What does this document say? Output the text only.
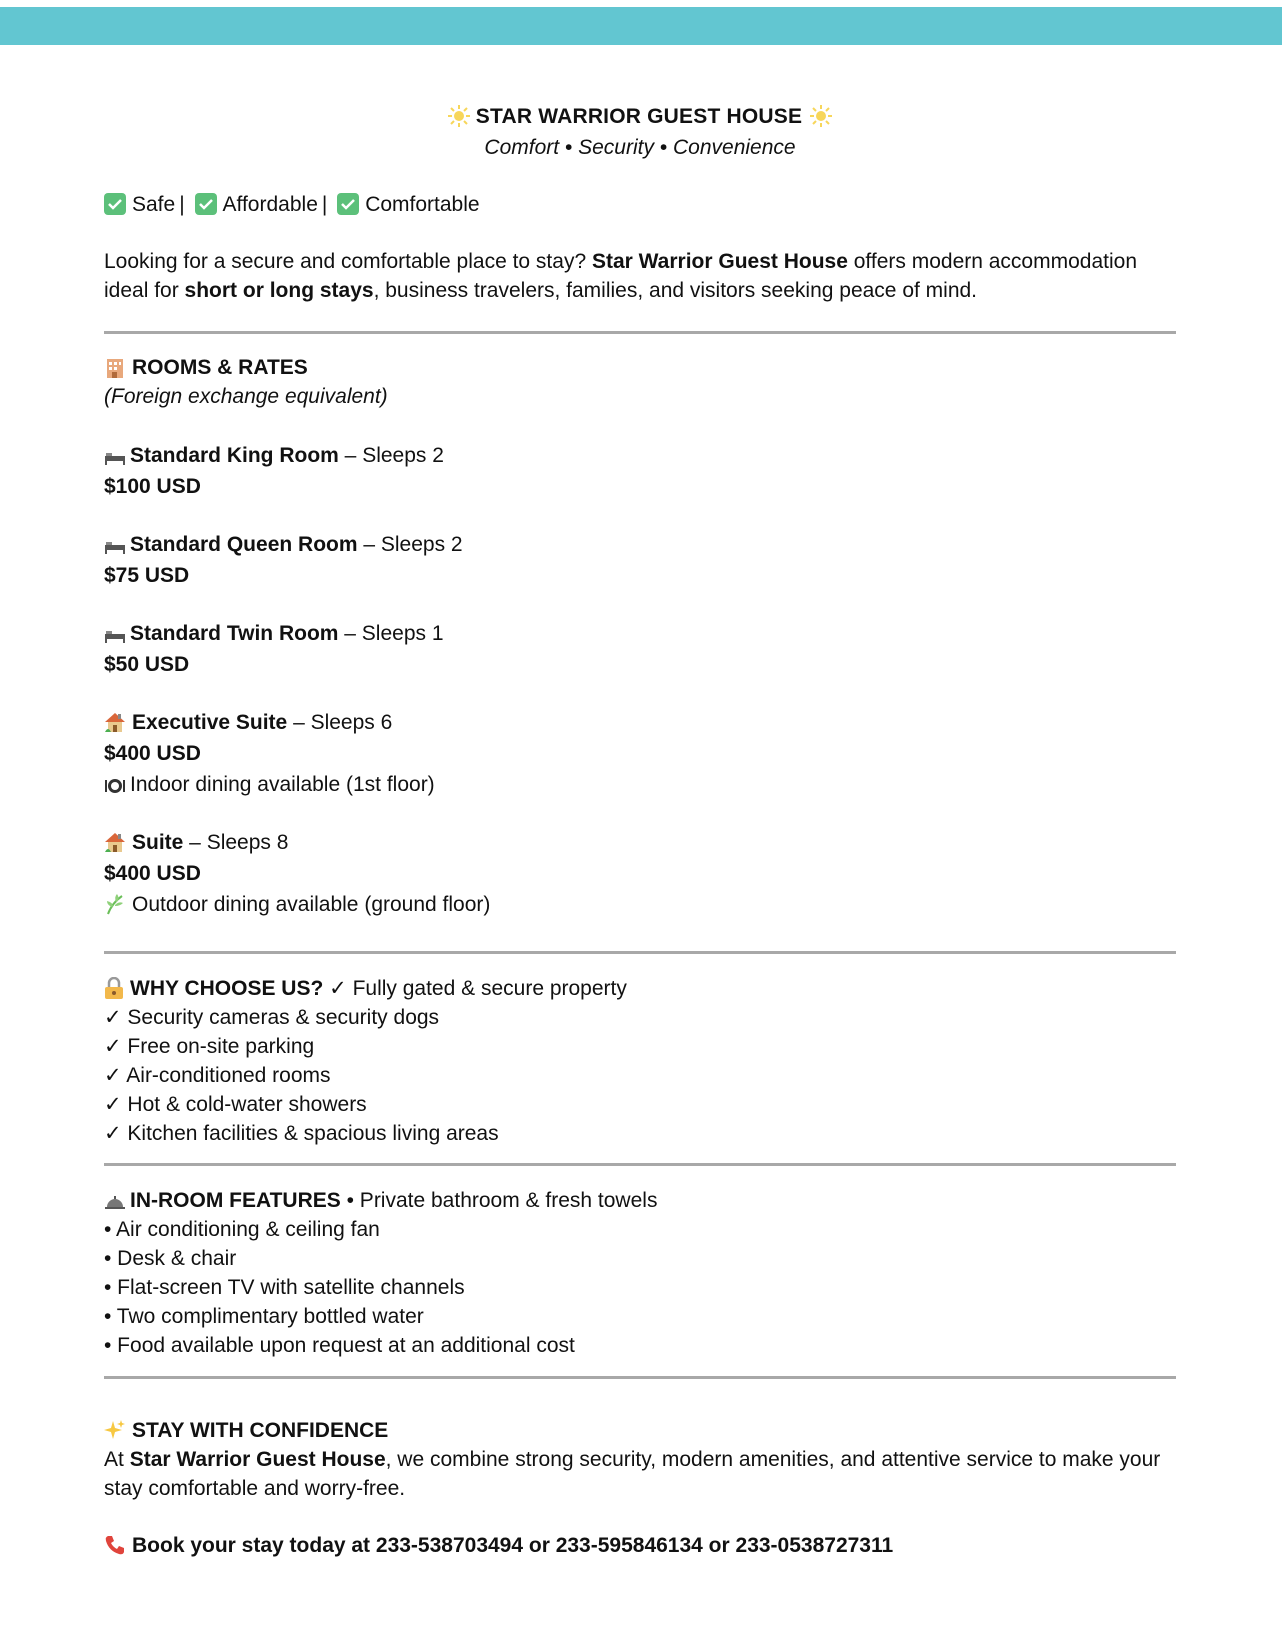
STAR WARRIOR GUEST HOUSE
Comfort • Security • Convenience
Safe | Affordable | Comfortable
Looking for a secure and comfortable place to stay? Star Warrior Guest House offers modern accommodation ideal for short or long stays, business travelers, families, and visitors seeking peace of mind.
ROOMS & RATES
(Foreign exchange equivalent)
Standard King Room – Sleeps 2
$100 USD
Standard Queen Room – Sleeps 2
$75 USD
Standard Twin Room – Sleeps 1
$50 USD
Executive Suite – Sleeps 6
$400 USD
Indoor dining available (1st floor)
Suite – Sleeps 8
$400 USD
Outdoor dining available (ground floor)
WHY CHOOSE US? ✓ Fully gated & secure property
✓ Security cameras & security dogs
✓ Free on-site parking
✓ Air-conditioned rooms
✓ Hot & cold-water showers
✓ Kitchen facilities & spacious living areas
IN-ROOM FEATURES • Private bathroom & fresh towels
• Air conditioning & ceiling fan
• Desk & chair
• Flat-screen TV with satellite channels
• Two complimentary bottled water
• Food available upon request at an additional cost
STAY WITH CONFIDENCE
At Star Warrior Guest House, we combine strong security, modern amenities, and attentive service to make your stay comfortable and worry-free.
Book your stay today at 233-538703494 or 233-595846134 or 233-0538727311
